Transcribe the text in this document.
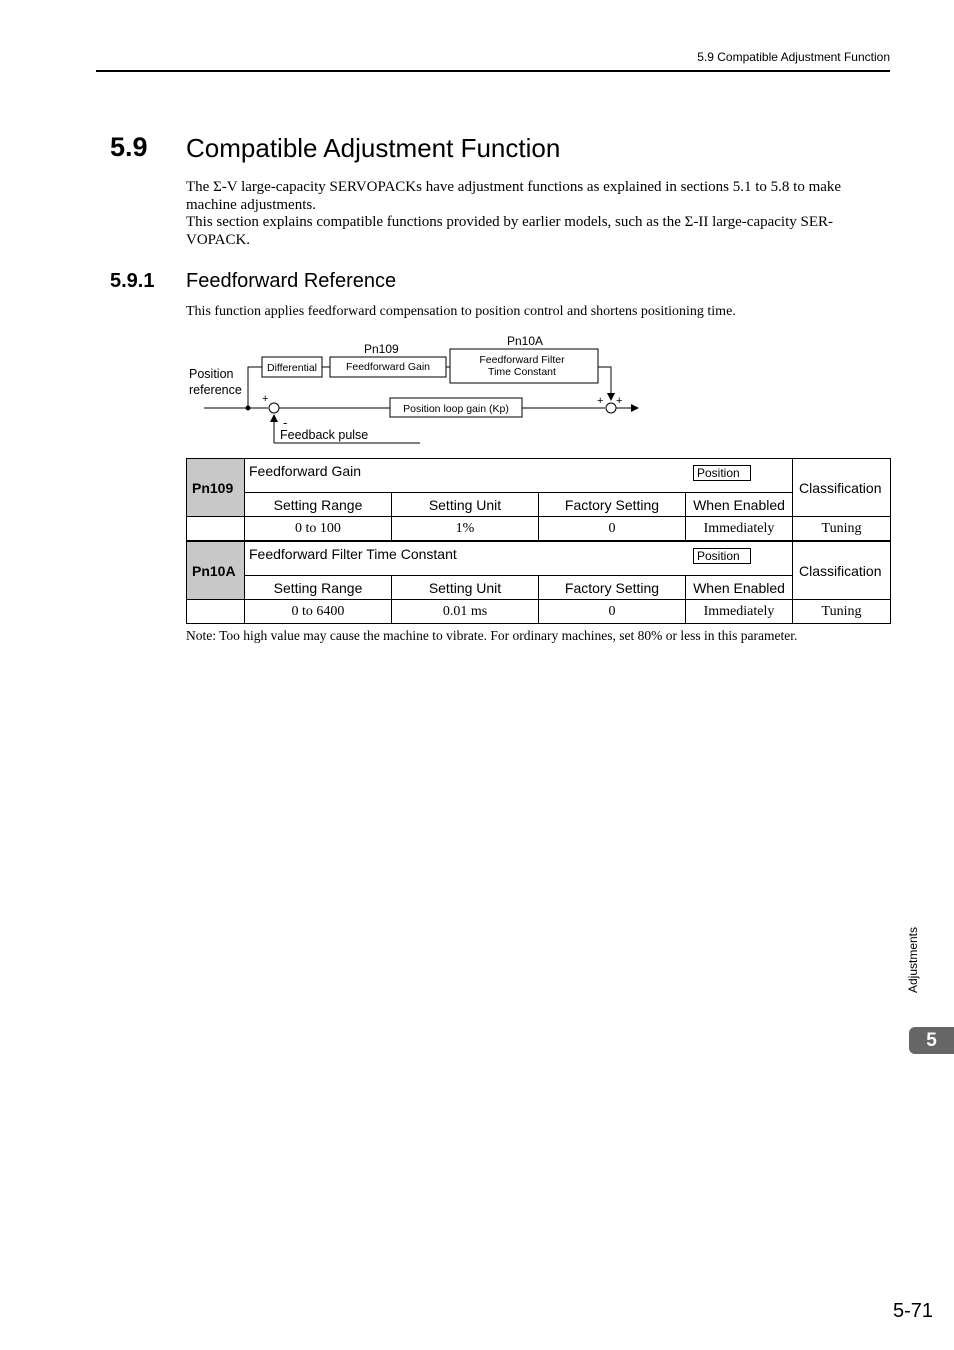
5.9 Compatible Adjustment Function
5.9 Compatible Adjustment Function

The Σ-V large-capacity SERVOPACKs have adjustment functions as explained in sections 5.1 to 5.8 to make machine adjustments.

This section explains compatible functions provided by earlier models, such as the Σ-II large-capacity SER-VOPACK.

5.9.1 Feedforward Reference
This function applies feedforward compensation to position control and shortens positioning time.
Position
reference
Pn109
Pn10A
Differential	Feedforward Gain
Feedforward Filter
Time Constant
+
-
Position loop gain (Kp)
+ +
Feedback pulse
Pn109	Feedforward Gain Position				Classification
	Setting Range	Setting Unit	Factory Setting	When Enabled	
	0 to 100	1%	0	Immediately	Tuning
Pn10A	Feedforward Filter Time Constant Position				Classification
	Setting Range	Setting Unit	Factory Setting	When Enabled	
	0 to 6400	0.01 ms	0	Immediately	Tuning
Note: Too high value may cause the machine to vibrate. For ordinary machines, set 80% or less in this parameter.
Adjustments
5
5-71
